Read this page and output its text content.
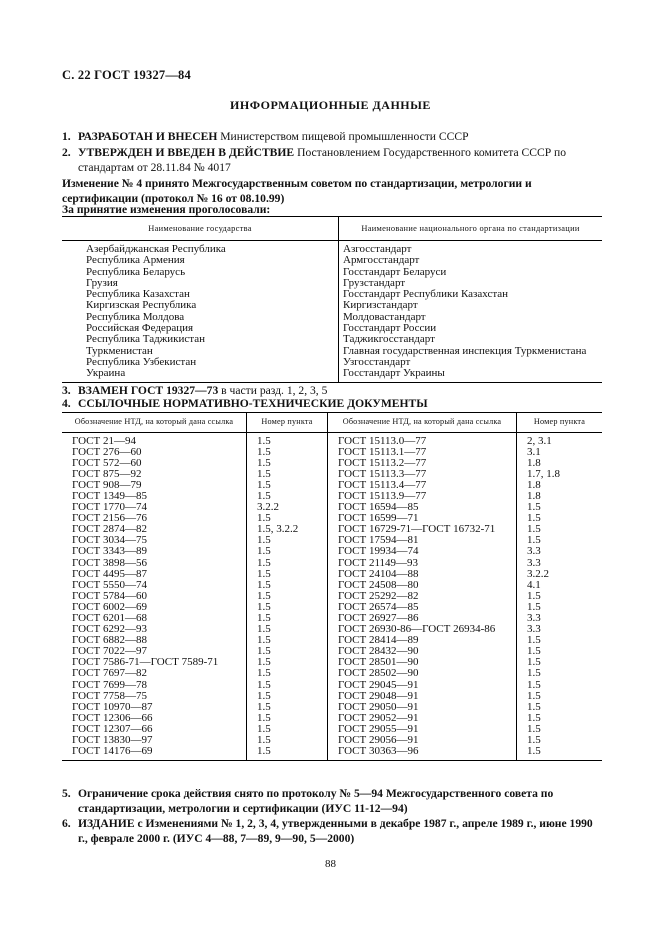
С. 22 ГОСТ 19327—84
ИНФОРМАЦИОННЫЕ ДАННЫЕ
1. РАЗРАБОТАН И ВНЕСЕН Министерством пищевой промышленности СССР
2. УТВЕРЖДЕН И ВВЕДЕН В ДЕЙСТВИЕ Постановлением Государственного комитета СССР по стандартам от 28.11.84 № 4017
Изменение № 4 принято Межгосударственным советом по стандартизации, метрологии и сертификации (протокол № 16 от 08.10.99)
За принятие изменения проголосовали:
Наименование государства	Наименование национального органа по стандартизации
Азербайджанская Республика	Азгосстандарт
Республика Армения	Армгосстандарт
Республика Беларусь	Госстандарт Беларуси
Грузия	Грузстандарт
Республика Казахстан	Госстандарт Республики Казахстан
Киргизская Республика	Киргизстандарт
Республика Молдова	Молдовастандарт
Российская Федерация	Госстандарт России
Республика Таджикистан	Таджикгосстандарт
Туркменистан	Главная государственная инспекция Туркменистана
Республика Узбекистан	Узгосстандарт
Украина	Госстандарт Украины
3. ВЗАМЕН ГОСТ 19327—73 в части разд. 1, 2, 3, 5
4. ССЫЛОЧНЫЕ НОРМАТИВНО-ТЕХНИЧЕСКИЕ ДОКУМЕНТЫ
Обозначение НТД, на который дана ссылка	Номер пункта	Обозначение НТД, на который дана ссылка	Номер пункта
ГОСТ 21—94	1.5	ГОСТ 15113.0—77	2, 3.1
ГОСТ 276—60	1.5	ГОСТ 15113.1—77	3.1
ГОСТ 572—60	1.5	ГОСТ 15113.2—77	1.8
ГОСТ 875—92	1.5	ГОСТ 15113.3—77	1.7, 1.8
ГОСТ 908—79	1.5	ГОСТ 15113.4—77	1.8
ГОСТ 1349—85	1.5	ГОСТ 15113.9—77	1.8
ГОСТ 1770—74	3.2.2	ГОСТ 16594—85	1.5
ГОСТ 2156—76	1.5	ГОСТ 16599—71	1.5
ГОСТ 2874—82	1.5, 3.2.2	ГОСТ 16729-71—ГОСТ 16732-71	1.5
ГОСТ 3034—75	1.5	ГОСТ 17594—81	1.5
ГОСТ 3343—89	1.5	ГОСТ 19934—74	3.3
ГОСТ 3898—56	1.5	ГОСТ 21149—93	3.3
ГОСТ 4495—87	1.5	ГОСТ 24104—88	3.2.2
ГОСТ 5550—74	1.5	ГОСТ 24508—80	4.1
ГОСТ 5784—60	1.5	ГОСТ 25292—82	1.5
ГОСТ 6002—69	1.5	ГОСТ 26574—85	1.5
ГОСТ 6201—68	1.5	ГОСТ 26927—86	3.3
ГОСТ 6292—93	1.5	ГОСТ 26930-86—ГОСТ 26934-86	3.3
ГОСТ 6882—88	1.5	ГОСТ 28414—89	1.5
ГОСТ 7022—97	1.5	ГОСТ 28432—90	1.5
ГОСТ 7586-71—ГОСТ 7589-71	1.5	ГОСТ 28501—90	1.5
ГОСТ 7697—82	1.5	ГОСТ 28502—90	1.5
ГОСТ 7699—78	1.5	ГОСТ 29045—91	1.5
ГОСТ 7758—75	1.5	ГОСТ 29048—91	1.5
ГОСТ 10970—87	1.5	ГОСТ 29050—91	1.5
ГОСТ 12306—66	1.5	ГОСТ 29052—91	1.5
ГОСТ 12307—66	1.5	ГОСТ 29055—91	1.5
ГОСТ 13830—97	1.5	ГОСТ 29056—91	1.5
ГОСТ 14176—69	1.5	ГОСТ 30363—96	1.5
5. Ограничение срока действия снято по протоколу № 5—94 Межгосударственного совета по стандартизации, метрологии и сертификации (ИУС 11-12—94)
6. ИЗДАНИЕ с Изменениями № 1, 2, 3, 4, утвержденными в декабре 1987 г., апреле 1989 г., июне 1990 г., феврале 2000 г. (ИУС 4—88, 7—89, 9—90, 5—2000)
88
